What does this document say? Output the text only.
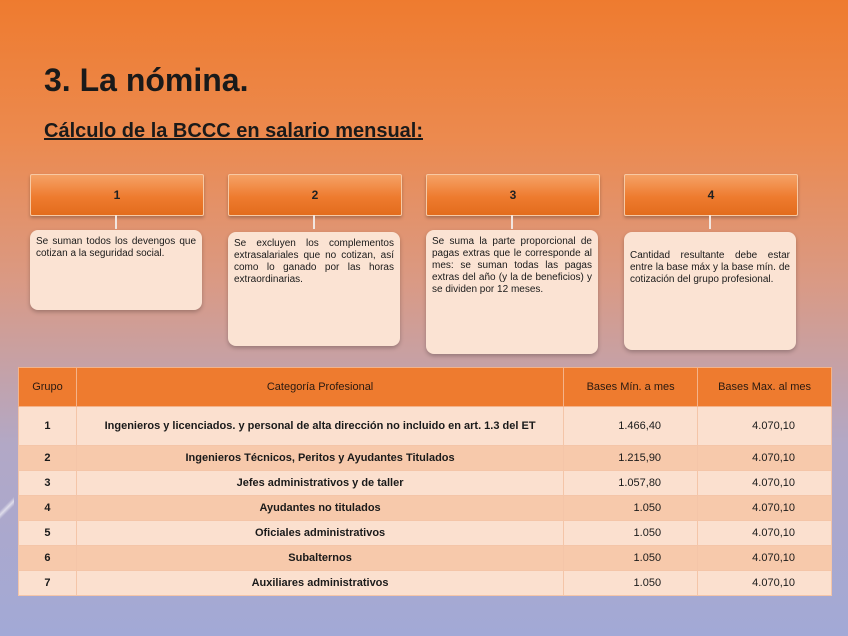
3. La nómina.
Cálculo de la BCCC en salario mensual:
1
Se suman todos los devengos que cotizan a la seguridad social.
2
Se excluyen los complementos extrasalariales que no cotizan, así como lo ganado por las horas extraordinarias.
3
Se suma la parte proporcional de pagas extras que le corresponde al mes: se suman todas las pagas extras del año (y la de beneficios) y se dividen por 12 meses.
4
Cantidad resultante debe estar entre la base máx y la base mín. de cotización del grupo profesional.
Grupo	Categoría Profesional	Bases Mín. a mes	Bases Max. al mes
1	Ingenieros y licenciados. y personal de alta dirección no incluido en art. 1.3 del ET	1.466,40	4.070,10
2	Ingenieros Técnicos, Peritos y Ayudantes Titulados	1.215,90	4.070,10
3	Jefes administrativos y de taller	1.057,80	4.070,10
4	Ayudantes no titulados	1.050	4.070,10
5	Oficiales administrativos	1.050	4.070,10
6	Subalternos	1.050	4.070,10
7	Auxiliares administrativos	1.050	4.070,10
